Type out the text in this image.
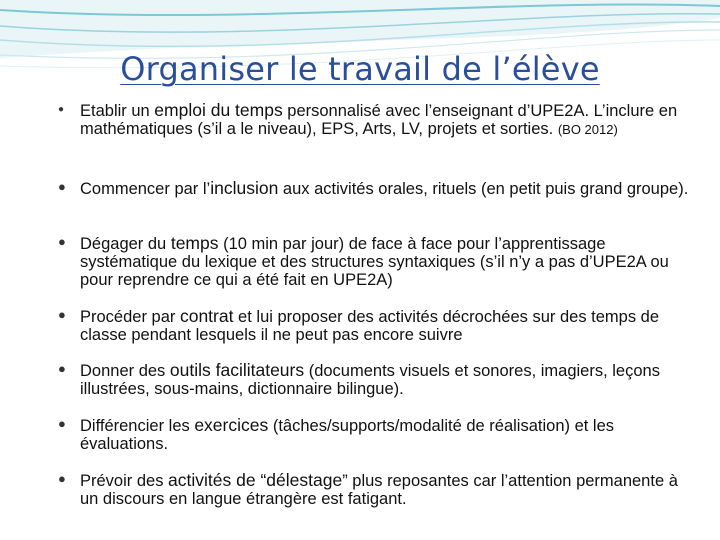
Organiser le travail de l’élève
● Etablir un emploi du temps personnalisé avec l’enseignant d’UPE2A. L’inclure en mathématiques (s’il a le niveau), EPS, Arts, LV, projets et sorties. (BO 2012)
● Commencer par l’inclusion aux activités orales, rituels (en petit puis grand groupe).
● Dégager du temps (10 min par jour) de face à face pour l’apprentissage systématique du lexique et des structures syntaxiques (s’il n’y a pas d’UPE2A ou pour reprendre ce qui a été fait en UPE2A)
● Procéder par contrat et lui proposer des activités décrochées sur des temps de classe pendant lesquels il ne peut pas encore suivre
● Donner des outils facilitateurs (documents visuels et sonores, imagiers, leçons illustrées, sous-mains, dictionnaire bilingue).
● Différencier les exercices (tâches/supports/modalité de réalisation) et les évaluations.
● Prévoir des activités de “délestage” plus reposantes car l’attention permanente à un discours en langue étrangère est fatigant.
